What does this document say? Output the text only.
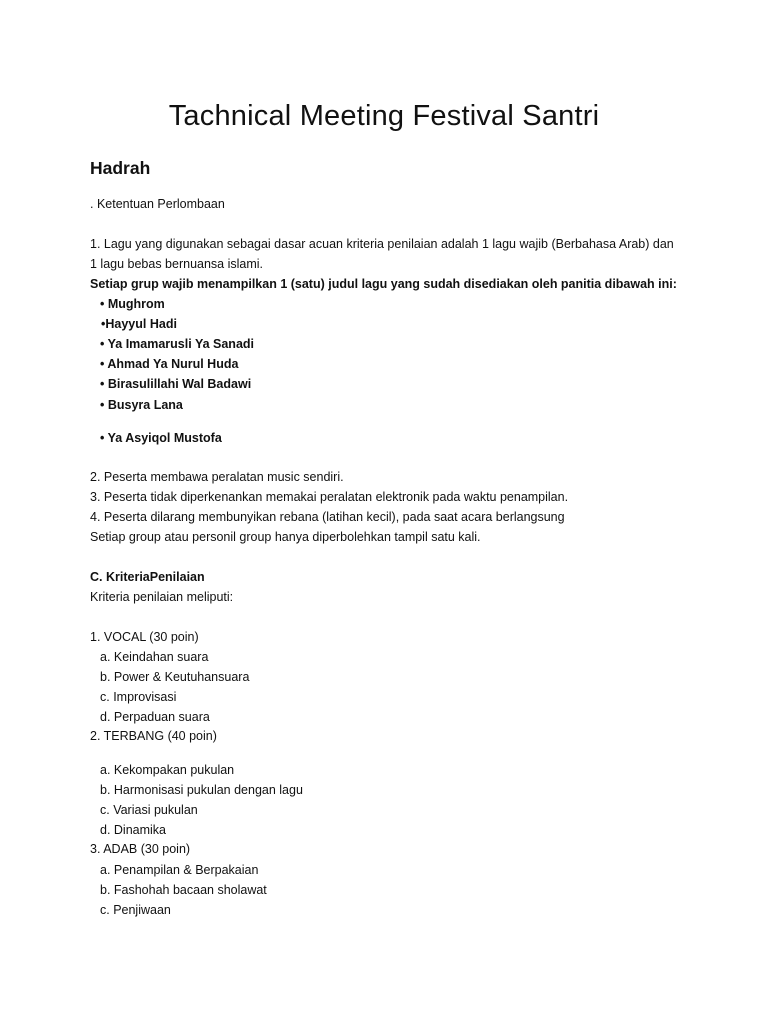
Tachnical Meeting Festival Santri
Hadrah
. Ketentuan Perlombaan
1. Lagu yang digunakan sebagai dasar acuan kriteria penilaian adalah 1 lagu wajib (Berbahasa Arab) dan
1 lagu bebas bernuansa islami.
Setiap grup wajib menampilkan 1 (satu) judul lagu yang sudah disediakan oleh panitia dibawah ini:
• Mughrom
•Hayyul Hadi
• Ya Imamarusli Ya Sanadi
• Ahmad Ya Nurul Huda
• Birasulillahi Wal Badawi
• Busyra Lana
• Ya Asyiqol Mustofa
2. Peserta membawa peralatan music sendiri.
3. Peserta tidak diperkenankan memakai peralatan elektronik pada waktu penampilan.
4. Peserta dilarang membunyikan rebana (latihan kecil), pada saat acara berlangsung
Setiap group atau personil group hanya diperbolehkan tampil satu kali.
C. KriteriaPenilaian
Kriteria penilaian meliputi:
1. VOCAL (30 poin)
a. Keindahan suara
b. Power & Keutuhansuara
c. Improvisasi
d. Perpaduan suara
2. TERBANG (40 poin)
a. Kekompakan pukulan
b. Harmonisasi pukulan dengan lagu
c. Variasi pukulan
d. Dinamika
3. ADAB (30 poin)
a. Penampilan & Berpakaian
b. Fashohah bacaan sholawat
c. Penjiwaan
